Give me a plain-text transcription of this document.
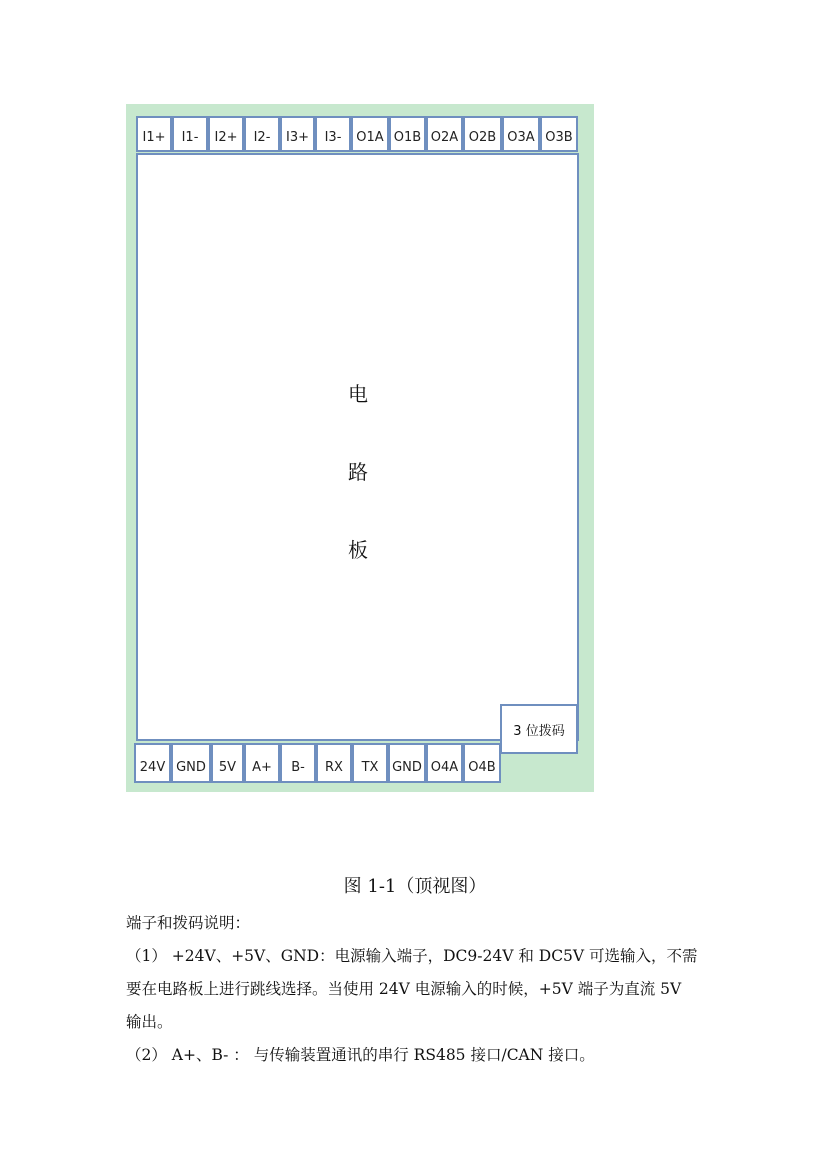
电
路
板
I1+	I1-	I2+	I2-	I3+	I3-	O1A O1B O2A O2B O3A O3B
3 位拨码
24V GND	5V	A+	B-	RX	TX	GND O4A O4B
图 1-1（顶视图）
端子和拨码说明：
（1） +24V、+5V、GND：电源输入端子，DC9-24V 和 DC5V 可选输入，不需
要在电路板上进行跳线选择。当使用 24V 电源输入的时候，+5V 端子为直流 5V
输出。
（2） A+、B- ： 与传输装置通讯的串行 RS485 接口/CAN 接口。
